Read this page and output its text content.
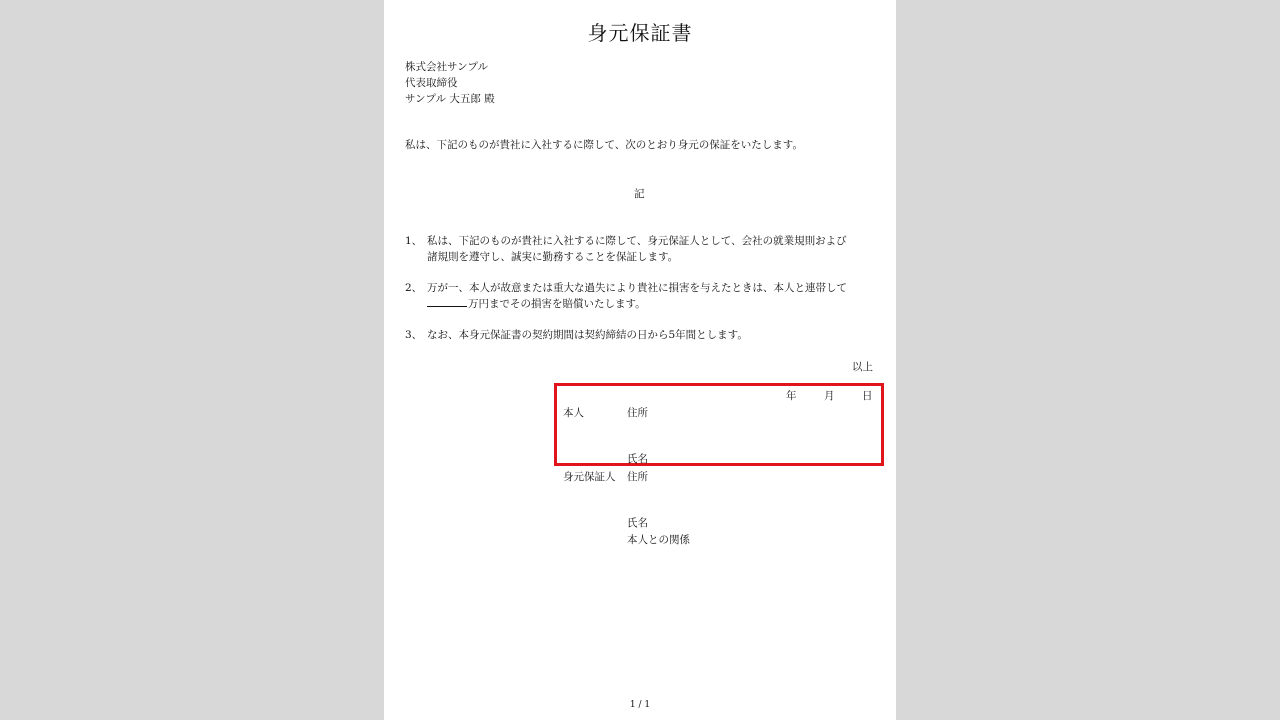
身元保証書
株式会社サンプル
代表取締役
サンプル 大五郎 殿
私は、下記のものが貴社に入社するに際して、次のとおり身元の保証をいたします。
記
1、 私は、下記のものが貴社に入社するに際して、身元保証人として、会社の就業規則および
諸規則を遵守し、誠実に勤務することを保証します。
2、 万が一、本人が故意または重大な過失により貴社に損害を与えたときは、本人と連帯して
万円までその損害を賠償いたします。
3、 なお、本身元保証書の契約期間は契約締結の日から5年間とします。
以上
年	月	日
本人	住所
氏名
身元保証人 住所
氏名
本人との関係
1 / 1
